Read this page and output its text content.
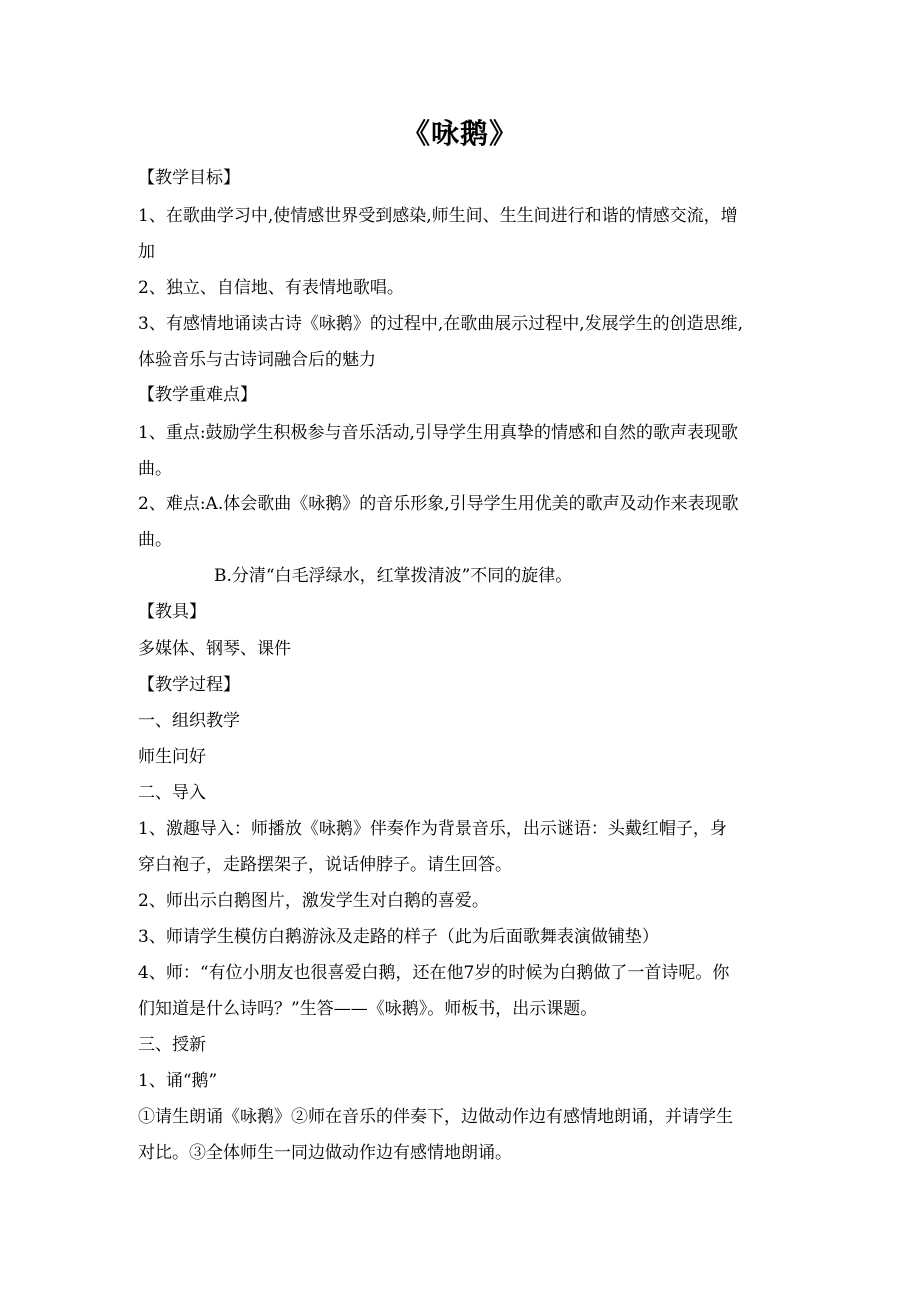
《咏鹅》
【教学目标】
1、在歌曲学习中,使情感世界受到感染,师生间、生生间进行和谐的情感交流，增
加
2、独立、自信地、有表情地歌唱。
3、有感情地诵读古诗《咏鹅》的过程中,在歌曲展示过程中,发展学生的创造思维,
体验音乐与古诗词融合后的魅力
【教学重难点】
1、重点:鼓励学生积极参与音乐活动,引导学生用真挚的情感和自然的歌声表现歌
曲。
2、难点:A.体会歌曲《咏鹅》的音乐形象,引导学生用优美的歌声及动作来表现歌
曲。
B.分清“白毛浮绿水，红掌拨清波”不同的旋律。
【教具】
多媒体、钢琴、课件
【教学过程】
一、组织教学
师生问好
二、导入
1、激趣导入：师播放《咏鹅》伴奏作为背景音乐，出示谜语：头戴红帽子，身
穿白袍子，走路摆架子，说话伸脖子。请生回答。
2、师出示白鹅图片，激发学生对白鹅的喜爱。
3、师请学生模仿白鹅游泳及走路的样子（此为后面歌舞表演做铺垫）
4、师：“有位小朋友也很喜爱白鹅，还在他7岁的时候为白鹅做了一首诗呢。你
们知道是什么诗吗？”生答——《咏鹅》。师板书，出示课题。
三、授新
1、诵“鹅”
①请生朗诵《咏鹅》②师在音乐的伴奏下，边做动作边有感情地朗诵，并请学生
对比。③全体师生一同边做动作边有感情地朗诵。
